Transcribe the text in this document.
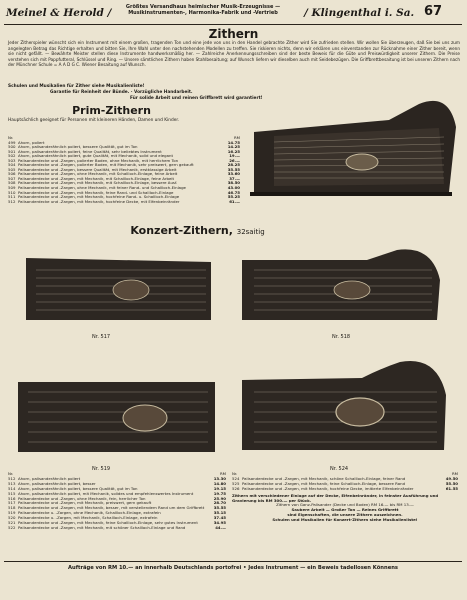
Meinel & Herold /	Größtes Versandhaus heimischer Musik-Erzeugnisse — Musikinstrumenten-, Harmonika-Fabrik und -Vertrieb	/ Klingenthal i. Sa. 67
Zithern
Jeder Zitherspieler wünscht sich ein Instrument mit einem großen, tragenden Ton und eine jede von uns in den Handel gebrachte Zither wird Sie zufrieden stellen. Wir wollen Sie überzeugen, daß Sie bei uns zum angelegten Betrag das Richtige erhalten und bitten Sie, Ihre Wahl unter den nachstehenden Modellen zu treffen. Sie riskieren nichts, denn wir erklären uns einverstanden zur Rücknahme einer Zither bereit, wenn sie nicht gefällt. — Bewährte Meister stellen diese Instrumente handwerksmäßig her. — Zahlreiche Anerkennungsschreiben sind der beste Beweis für die Güte und Preiswürdigkeit unserer Zithern. Die Preise verstehen sich mit Pappfutteral, Schlüssel und Ring. — Unsere sämtlichen Zithern haben Stahlbesaitung; auf Wunsch liefern wir dieselben auch mit Seidebezügen. Die Griffbrettbesaitung ist bei unseren Zithern nach der Münchner Schule = A A D G C. Wiener Besaitung auf Wunsch.
Schulen und Musikalien für Zither siehe Musikalienliste!
Garantie für Reinheit der Bünde. · Vorzügliche Handarbeit.
Für solide Arbeit und reinen Griffbrett wird garantiert!
Prim-Zithern
Hauptsächlich geeignet für Personen mit kleineren Händen, Damen und Kinder.
Nr.	RM
499 Ahorn, poliert	14.75
500 Ahorn, palisanderähnlich poliert, bessere Qualität, gut im Ton	14.25
501 Ahorn, palisanderähnlich poliert, feine Qualität, sehr beliebtes Instrument	16.25
502 Ahorn, palisanderähnlich poliert, gute Qualität, mit Mechanik, solid und elegant	19.—
503 Palisanderdecke und -Zargen, polierter Boden, ohne Mechanik, mit herrlichem Ton	26.—
504 Palisanderdecke und -Zargen, polierter Boden, mit Mechanik, sehr preiswert, gern gekauft	28.25
505 Palisanderdecke und -Zargen, bessere Qualität, mit Mechanik, erstklassige Arbeit	35.55
506 Palisanderdecke und -Zargen, ohne Mechanik, mit Schallloch-Einlage, feine Arbeit	33.60
507 Palisanderdecke und -Zargen, mit Mechanik, mit Schallloch-Einlage, feine Arbeit	37.—
508 Palisanderdecke und -Zargen, mit Mechanik, mit Schallloch-Einlage, bessere Ausf.	38.50
509 Palisanderdecke und -Zargen, ohne Mechanik, mit feiner Rand- und Schallloch-Einlage	43.00
510 Palisanderdecke und -Zargen, mit Mechanik, feine Rand- und Schallloch-Einlage	46.75
511 Palisanderdecke und -Zargen, mit Mechanik, hochfeine Rand- u. Schallloch-Einlage	55.25
512 Palisanderdecke und -Zargen, mit Mechanik, hochfeine Decke, mit Elfenbeinränder	61.—
Konzert-Zithern, 32saitig
Nr. 517	Nr. 518
Nr. 519	Nr. 524
Nr.	RM
512 Ahorn, palisanderähnlich poliert	13.30
513 Ahorn, palisanderähnlich poliert, besser	14.80
514 Ahorn, palisanderähnlich poliert, bessere Qualität, gut im Ton	19.15
515 Ahorn, palisanderähnlich poliert, mit Mechanik, solides und empfehlenswertes Instrument	19.75
516 Palisanderdecke und -Zargen, ohne Mechanik, fein, herrlicher Ton	25.90
517 Palisanderdecke und -Zargen, mit Mechanik, preiswert, gern gekauft	28.70
518 Palisanderdecke und -Zargen, mit Mechanik, besser, mit verstellendem Rand um dem Griffbrett	35.55
519 Palisanderdecke u. -Zargen, ohne Mechanik, Schallloch-Einlage, extrafein	35.15
520 Palisanderdecke u. -Zargen, mit Mechanik, Schallloch-Einlage, extrafein	37.45
521 Palisanderdecke und -Zargen, mit Mechanik, feine Schallloch-Einlage, sehr gutes Instrument	34.95
522 Palisanderdecke und -Zargen, mit Mechanik, mit schöner Schallloch-Einlage und Rand	44.—
Nr.	RM
524 Palisanderdecke und -Zargen, mit Mechanik, schöne Schallloch-Einlage, feiner Rand	49.50
525 Palisanderdecke und -Zargen, mit Mechanik, feine Schallloch-Einlage, bessere Rand	55.50
526 Palisanderdecke und -Zargen, mit Mechanik, hochfeine Decke, imitierte Elfenbeinränder	61.55
Zithern mit verschiedener Einlage auf der Decke, Elfenbeinränder, in feinster Ausführung und Gravierung bis RM 300.— per Stück.
Zithern von Ganz-Palisander (Decke und Boden) RM 16.— bis RM 13.—
Saubere Arbeit — Großer Ton — Reines Griffbrett
sind Eigenschaften, die unsere Zithern auszeichnen.
Schulen und Musikalien für Konzert-Zithern siehe Musikalienliste!
Aufträge von RM 10.— an innerhalb Deutschlands portofrei • Jedes Instrument — ein Beweis tadellosen Könnens
